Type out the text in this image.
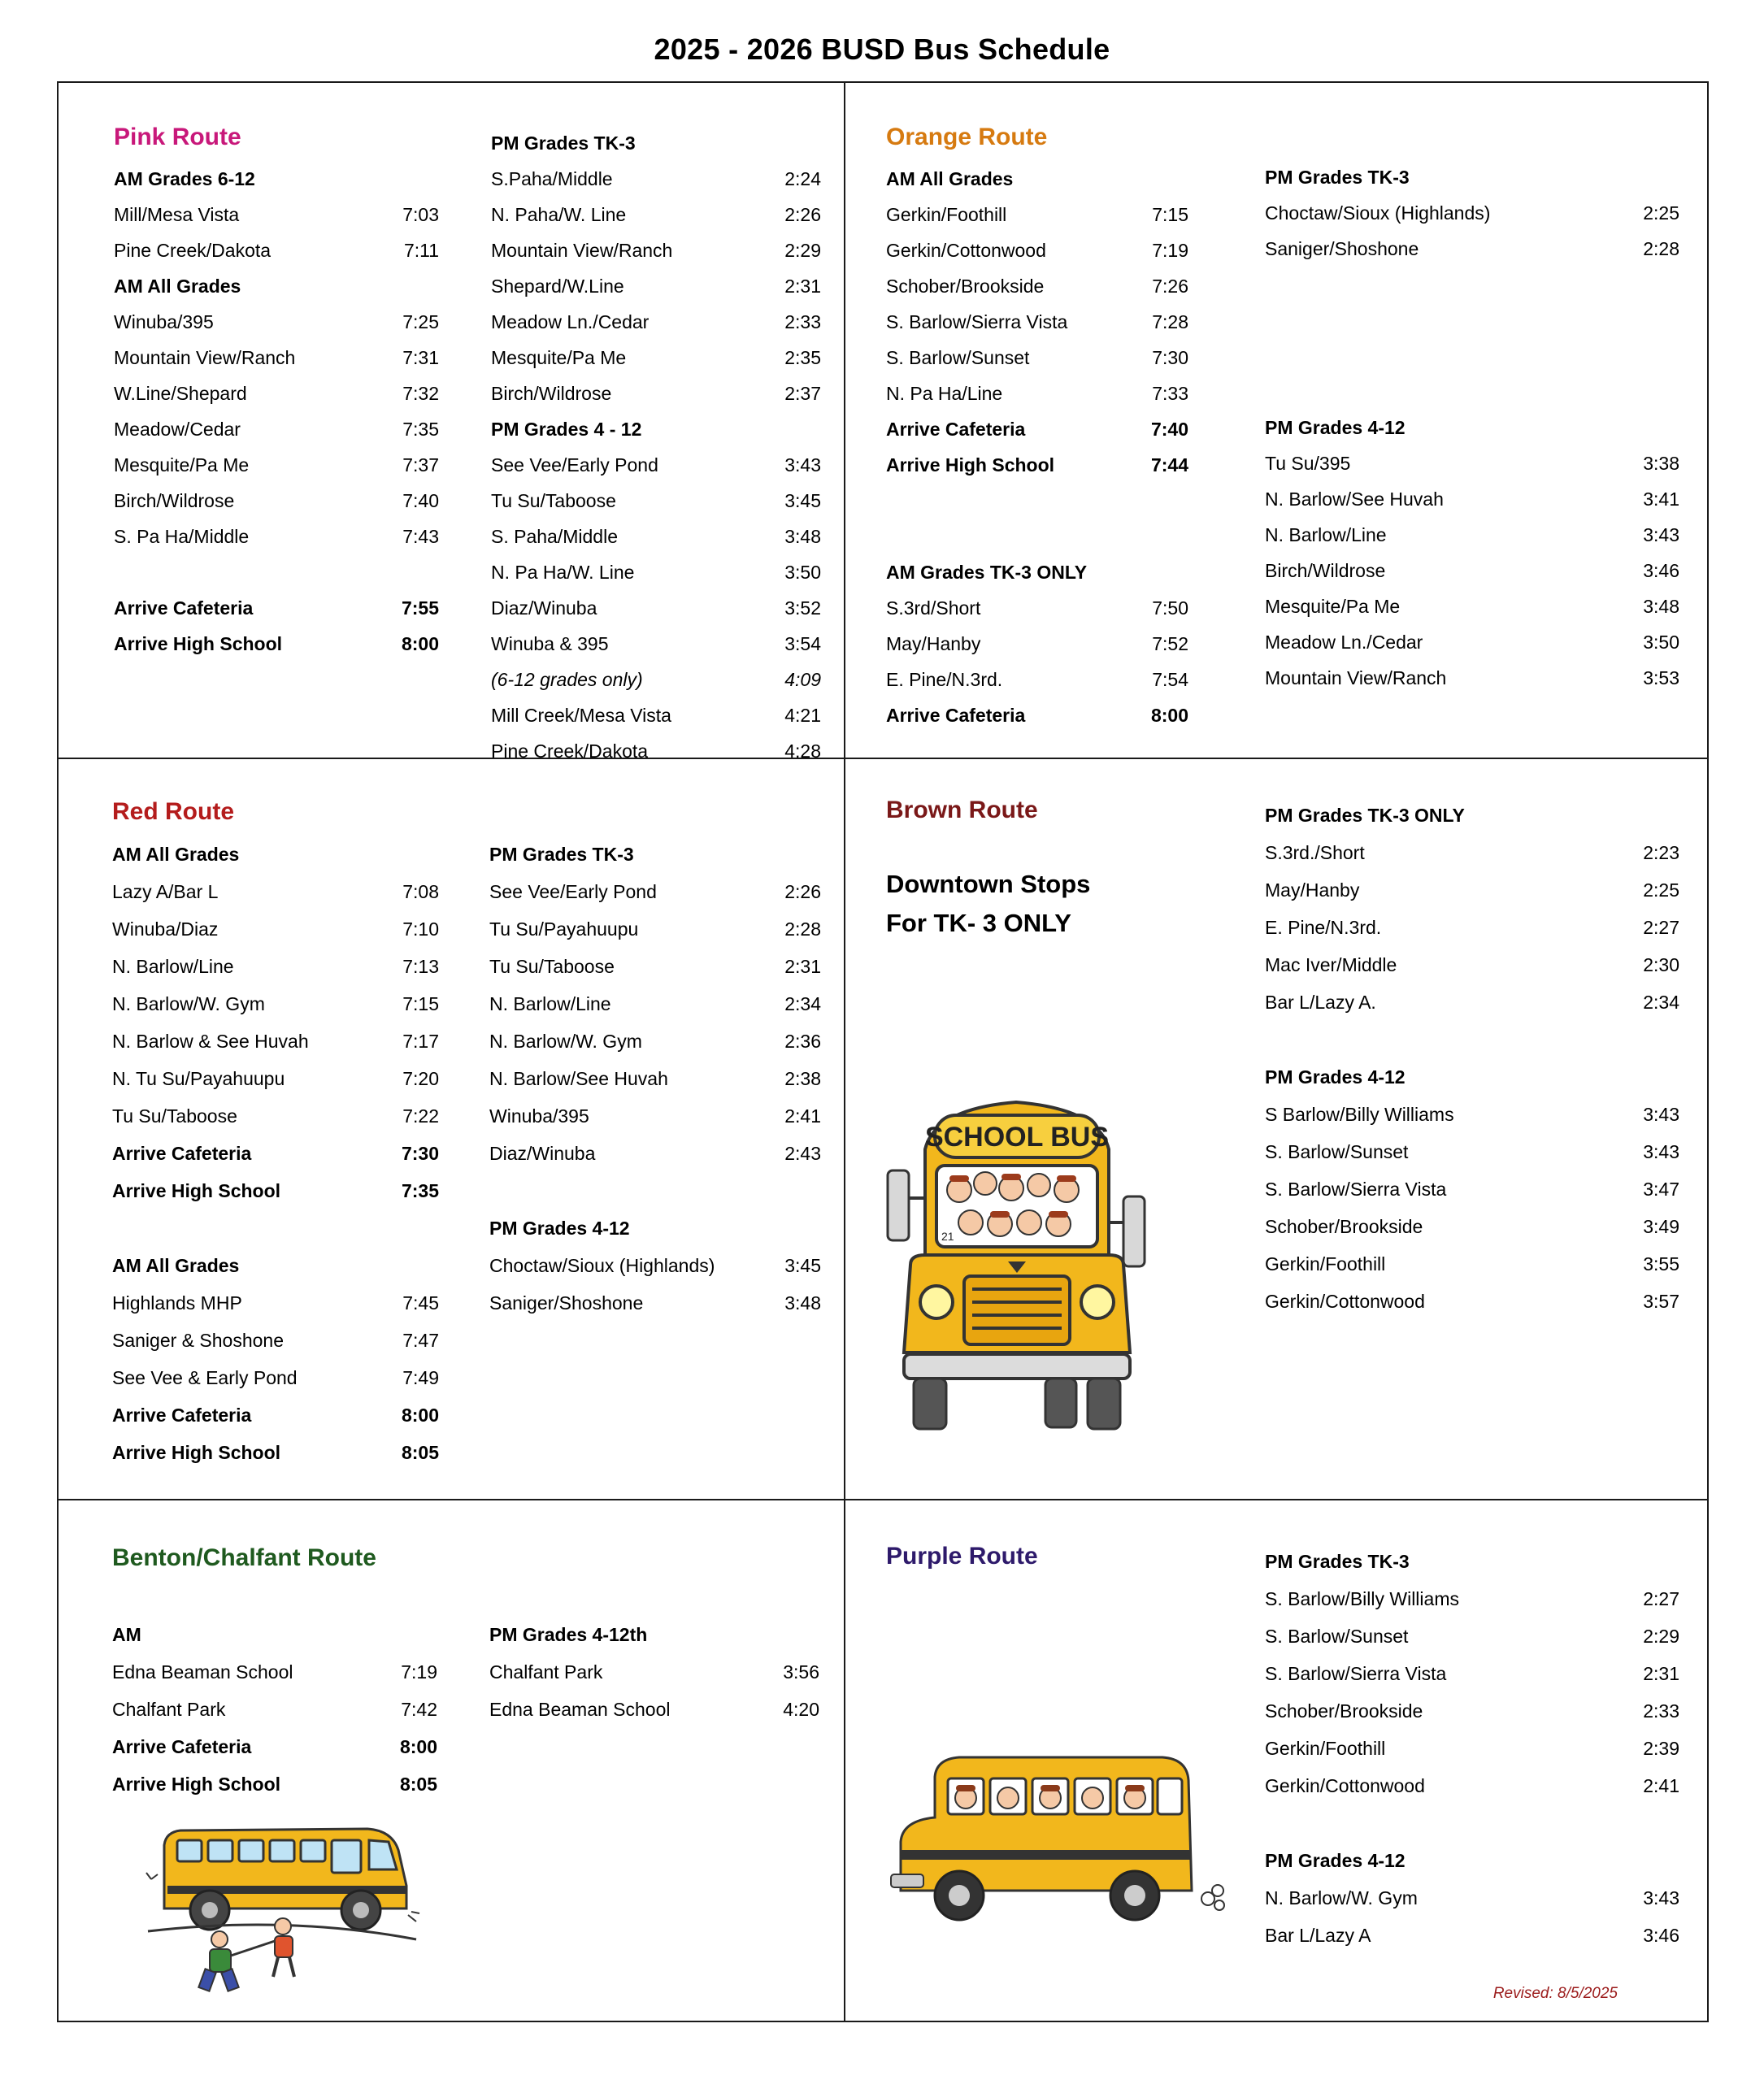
2025 - 2026 BUSD Bus Schedule
Pink Route
AM Grades 6-12
Mill/Mesa Vista	7:03
Pine Creek/Dakota	7:11
AM All Grades
Winuba/395	7:25
Mountain View/Ranch	7:31
W.Line/Shepard	7:32
Meadow/Cedar	7:35
Mesquite/Pa Me	7:37
Birch/Wildrose	7:40
S. Pa Ha/Middle	7:43
Arrive Cafeteria	7:55
Arrive High School	8:00
PM Grades TK-3
S.Paha/Middle	2:24
N. Paha/W. Line	2:26
Mountain View/Ranch	2:29
Shepard/W.Line	2:31
Meadow Ln./Cedar	2:33
Mesquite/Pa Me	2:35
Birch/Wildrose	2:37
PM Grades 4 - 12
See Vee/Early Pond	3:43
Tu Su/Taboose	3:45
S. Paha/Middle	3:48
N. Pa Ha/W. Line	3:50
Diaz/Winuba	3:52
Winuba & 395	3:54
(6-12 grades only)	4:09
Mill Creek/Mesa Vista	4:21
Pine Creek/Dakota	4:28
Orange Route
AM All Grades
Gerkin/Foothill	7:15
Gerkin/Cottonwood	7:19
Schober/Brookside	7:26
S. Barlow/Sierra Vista	7:28
S. Barlow/Sunset	7:30
N. Pa Ha/Line	7:33
Arrive Cafeteria	7:40
Arrive High School	7:44
AM Grades TK-3 ONLY
S.3rd/Short	7:50
May/Hanby	7:52
E. Pine/N.3rd.	7:54
Arrive Cafeteria	8:00
PM Grades TK-3
Choctaw/Sioux (Highlands)	2:25
Saniger/Shoshone	2:28
PM Grades 4-12
Tu Su/395	3:38
N. Barlow/See Huvah	3:41
N. Barlow/Line	3:43
Birch/Wildrose	3:46
Mesquite/Pa Me	3:48
Meadow Ln./Cedar	3:50
Mountain View/Ranch	3:53
Red Route
AM All Grades
Lazy A/Bar L	7:08
Winuba/Diaz	7:10
N. Barlow/Line	7:13
N. Barlow/W. Gym	7:15
N. Barlow & See Huvah	7:17
N. Tu Su/Payahuupu	7:20
Tu Su/Taboose	7:22
Arrive Cafeteria	7:30
Arrive High School	7:35
AM All Grades
Highlands MHP	7:45
Saniger & Shoshone	7:47
See Vee & Early Pond	7:49
Arrive Cafeteria	8:00
Arrive High School	8:05
PM Grades TK-3
See Vee/Early Pond	2:26
Tu Su/Payahuupu	2:28
Tu Su/Taboose	2:31
N. Barlow/Line	2:34
N. Barlow/W. Gym	2:36
N. Barlow/See Huvah	2:38
Winuba/395	2:41
Diaz/Winuba	2:43
PM Grades 4-12
Choctaw/Sioux (Highlands)	3:45
Saniger/Shoshone	3:48
Brown Route
Downtown Stops
For TK- 3 ONLY
PM Grades TK-3 ONLY
S.3rd./Short	2:23
May/Hanby	2:25
E. Pine/N.3rd.	2:27
Mac Iver/Middle	2:30
Bar L/Lazy A.	2:34
PM Grades 4-12
S Barlow/Billy Williams	3:43
S. Barlow/Sunset	3:43
S. Barlow/Sierra Vista	3:47
Schober/Brookside	3:49
Gerkin/Foothill	3:55
Gerkin/Cottonwood	3:57
SCHOOL BUS
21
Benton/Chalfant Route
AM
Edna Beaman School	7:19
Chalfant Park	7:42
Arrive Cafeteria	8:00
Arrive High School	8:05
PM Grades 4-12th
Chalfant Park	3:56
Edna Beaman School	4:20
Purple Route	PM Grades TK-3
S. Barlow/Billy Williams	2:27
S. Barlow/Sunset	2:29
S. Barlow/Sierra Vista	2:31
Schober/Brookside	2:33
Gerkin/Foothill	2:39
Gerkin/Cottonwood	2:41
PM Grades 4-12
N. Barlow/W. Gym	3:43
Bar L/Lazy A	3:46
Revised: 8/5/2025
